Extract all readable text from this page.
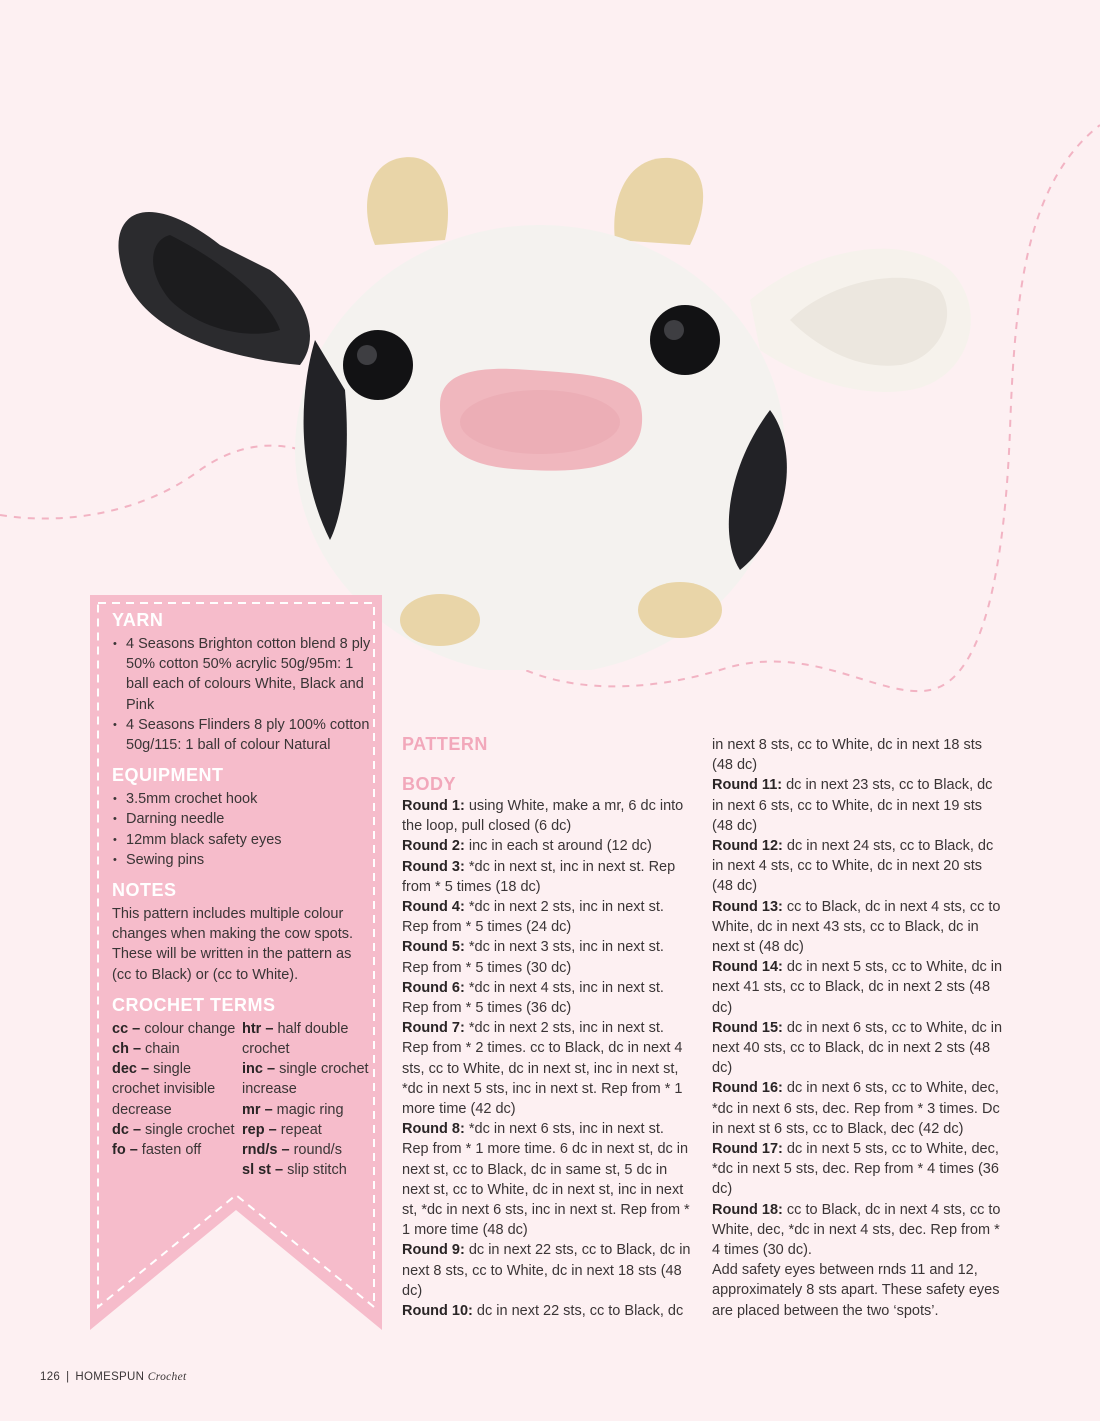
YARN
• 4 Seasons Brighton cotton blend 8 ply 50% cotton 50% acrylic 50g/95m: 1 ball each of colours White, Black and Pink
• 4 Seasons Flinders 8 ply 100% cotton 50g/115: 1 ball of colour Natural
EQUIPMENT
• 3.5mm crochet hook
• Darning needle
• 12mm black safety eyes
• Sewing pins
NOTES

This pattern includes multiple colour changes when making the cow spots. These will be written in the pattern as (cc to Black) or (cc to White).

CROCHET TERMS
cc – colour change
ch – chain
dec – single crochet invisible decrease
dc – single crochet
fo – fasten off
htr – half double crochet
inc – single crochet increase
mr – magic ring
rep – repeat
rnd/s – round/s
sl st – slip stitch
PATTERN
BODY

Round 1: using White, make a mr, 6 dc into the loop, pull closed (6 dc)

Round 2: inc in each st around (12 dc)

Round 3: *dc in next st, inc in next st. Rep from * 5 times (18 dc)

Round 4: *dc in next 2 sts, inc in next st. Rep from * 5 times (24 dc)

Round 5: *dc in next 3 sts, inc in next st. Rep from * 5 times (30 dc)

Round 6: *dc in next 4 sts, inc in next st. Rep from * 5 times (36 dc)

Round 7: *dc in next 2 sts, inc in next st. Rep from * 2 times. cc to Black, dc in next 4 sts, cc to White, dc in next st, inc in next st, *dc in next 5 sts, inc in next st. Rep from * 1 more time (42 dc)

Round 8: *dc in next 6 sts, inc in next st. Rep from * 1 more time. 6 dc in next st, dc in next st, cc to Black, dc in same st, 5 dc in next st, cc to White, dc in next st, inc in next st, *dc in next 6 sts, inc in next st. Rep from * 1 more time (48 dc)

Round 9: dc in next 22 sts, cc to Black, dc in next 8 sts, cc to White, dc in next 18 sts (48 dc)

Round 10: dc in next 22 sts, cc to Black, dc

in next 8 sts, cc to White, dc in next 18 sts (48 dc)

Round 11: dc in next 23 sts, cc to Black, dc in next 6 sts, cc to White, dc in next 19 sts (48 dc)

Round 12: dc in next 24 sts, cc to Black, dc in next 4 sts, cc to White, dc in next 20 sts (48 dc)

Round 13: cc to Black, dc in next 4 sts, cc to White, dc in next 43 sts, cc to Black, dc in next st (48 dc)

Round 14: dc in next 5 sts, cc to White, dc in next 41 sts, cc to Black, dc in next 2 sts (48 dc)

Round 15: dc in next 6 sts, cc to White, dc in next 40 sts, cc to Black, dc in next 2 sts (48 dc)

Round 16: dc in next 6 sts, cc to White, dec, *dc in next 6 sts, dec. Rep from * 3 times. Dc in next st 6 sts, cc to Black, dec (42 dc)

Round 17: dc in next 5 sts, cc to White, dec, *dc in next 5 sts, dec. Rep from * 4 times (36 dc)

Round 18: cc to Black, dc in next 4 sts, cc to White, dec, *dc in next 4 sts, dec. Rep from * 4 times (30 dc).

Add safety eyes between rnds 11 and 12, approximately 8 sts apart. These safety eyes are placed between the two ‘spots’.

126 | HOMESPUN Crochet
